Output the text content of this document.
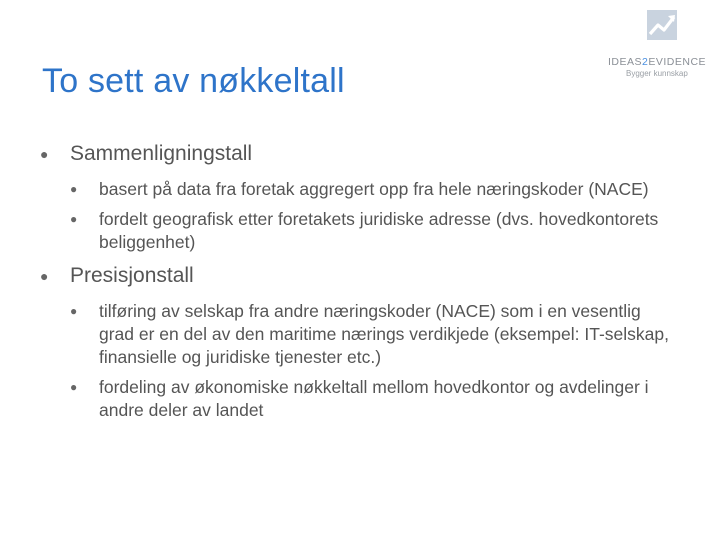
To sett av nøkkeltall	IDEAS2EVIDENCE
Bygger kunnskap
● Sammenligningstall
● basert på data fra foretak aggregert opp fra hele næringskoder (NACE)
● fordelt geografisk etter foretakets juridiske adresse (dvs. hovedkontorets beliggenhet)
● Presisjonstall
● tilføring av selskap fra andre næringskoder (NACE) som i en vesentlig grad er en del av den maritime nærings verdikjede (eksempel: IT-selskap, finansielle og juridiske tjenester etc.)
● fordeling av økonomiske nøkkeltall mellom hovedkontor og avdelinger i andre deler av landet
